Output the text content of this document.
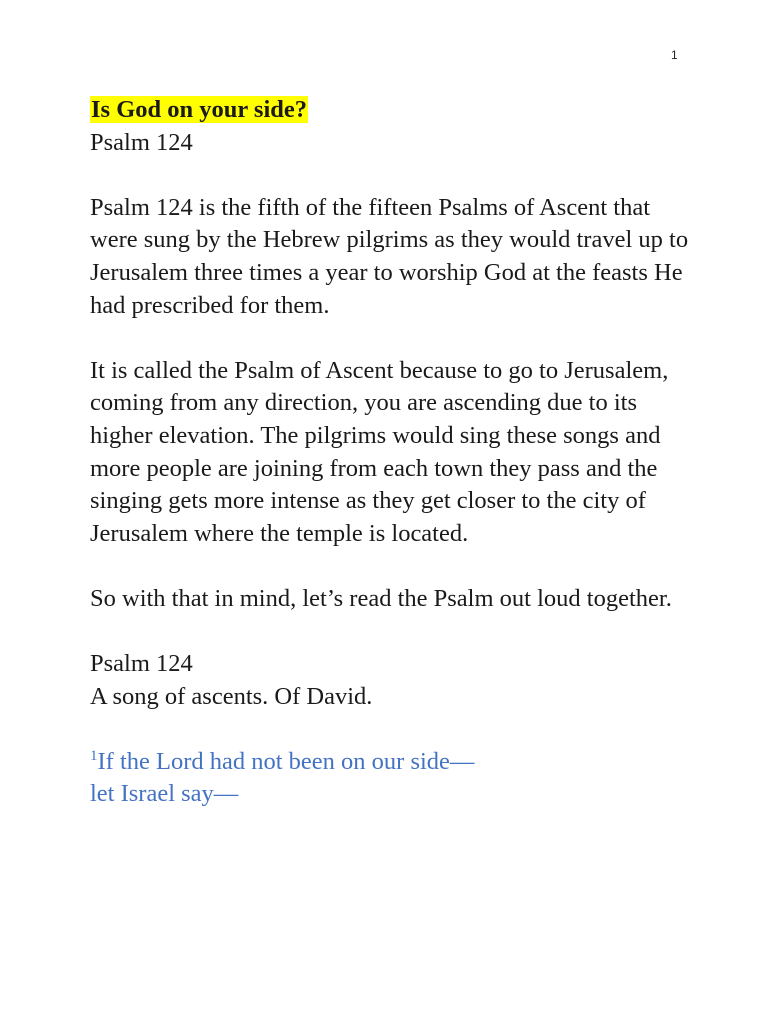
1

Is God on your side?

Psalm 124

Psalm 124 is the fifth of the fifteen Psalms of Ascent that were sung by the Hebrew pilgrims as they would travel up to Jerusalem three times a year to worship God at the feasts He had prescribed for them.

It is called the Psalm of Ascent because to go to Jerusalem, coming from any direction, you are ascending due to its higher elevation. The pilgrims would sing these songs and more people are joining from each town they pass and the singing gets more intense as they get closer to the city of Jerusalem where the temple is located.

So with that in mind, let’s read the Psalm out loud together.

Psalm 124

A song of ascents. Of David.

$^1$If the Lord had not been on our side—

let Israel say—
